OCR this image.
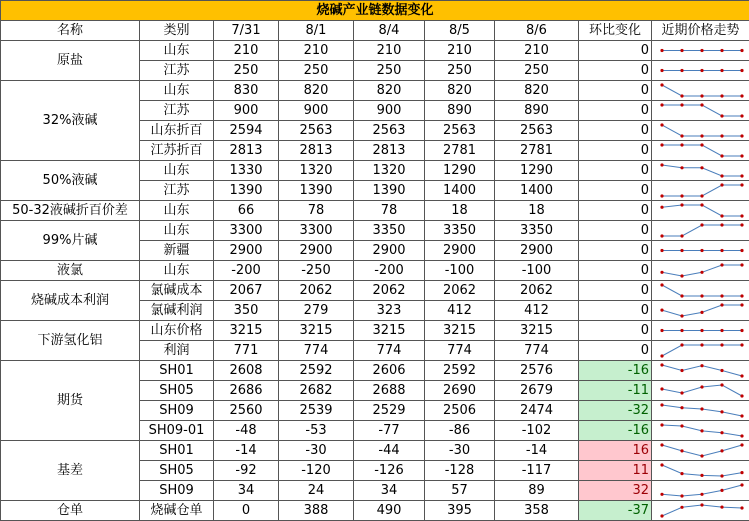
烧碱产业链数据变化								
名称	类别	7/31	8/1	8/4	8/5	8/6	环比变化	近期价格走势
原盐	山东	210	210	210	210	210	0	

	江苏	250	250	250	250	250	0	

32%液碱	山东	830	820	820	820	820	0	

	江苏	900	900	900	890	890	0	

	山东折百	2594	2563	2563	2563	2563	0	

	江苏折百	2813	2813	2813	2781	2781	0	

50%液碱	山东	1330	1320	1320	1290	1290	0	

	江苏	1390	1390	1390	1400	1400	0	

50-32液碱折百价差	山东	66	78	78	18	18	0	

99%片碱	山东	3300	3300	3350	3350	3350	0	

	新疆	2900	2900	2900	2900	2900	0	

液氯	山东	-200	-250	-200	-100	-100	0	

烧碱成本利润	氯碱成本	2067	2062	2062	2062	2062	0	

	氯碱利润	350	279	323	412	412	0	

下游氢化铝	山东价格	3215	3215	3215	3215	3215	0	

	利润	771	774	774	774	774	0	

期货	SH01	2608	2592	2606	2592	2576	-16	

	SH05	2686	2682	2688	2690	2679	-11	

	SH09	2560	2539	2529	2506	2474	-32	

	SH09-01	-48	-53	-77	-86	-102	-16	

基差	SH01	-14	-30	-44	-30	-14	16	

	SH05	-92	-120	-126	-128	-117	11	

	SH09	34	24	34	57	89	32	

仓单	烧碱仓单	0	388	490	395	358	-37	
